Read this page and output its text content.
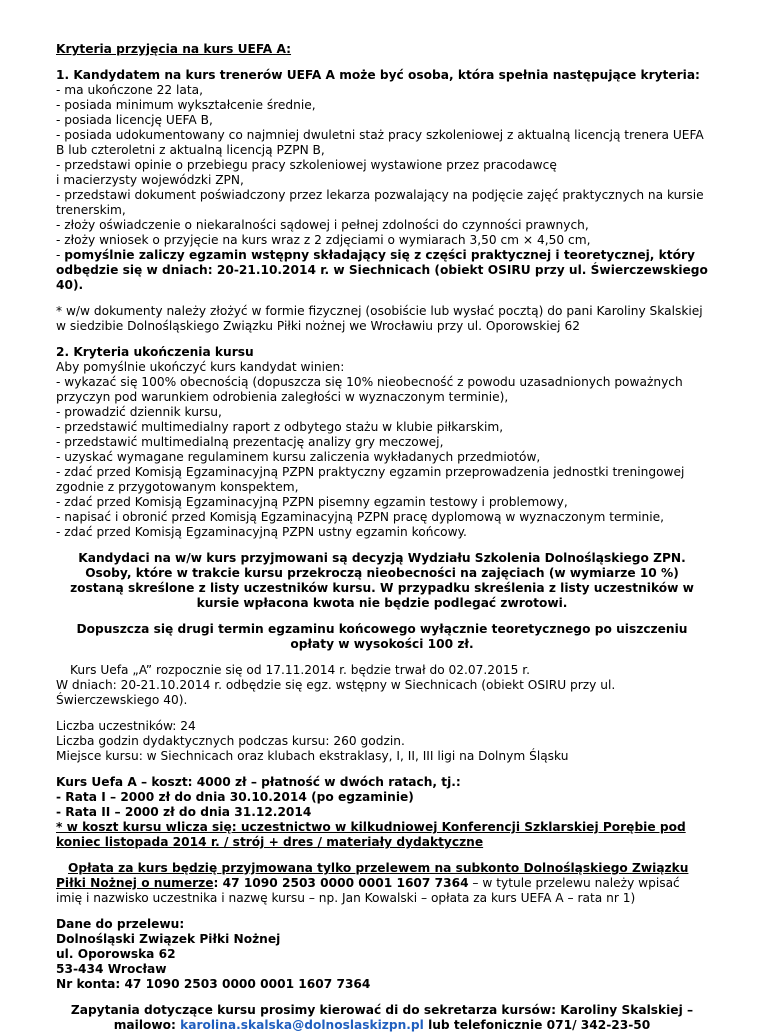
Kryteria przyjęcia na kurs UEFA A:

1. Kandydatem na kurs trenerów UEFA A może być osoba, która spełnia następujące kryteria:

- ma ukończone 22 lata,

- posiada minimum wykształcenie średnie,

- posiada licencję UEFA B,

- posiada udokumentowany co najmniej dwuletni staż pracy szkoleniowej z aktualną licencją trenera UEFA B lub czteroletni z aktualną licencją PZPN B,

- przedstawi opinie o przebiegu pracy szkoleniowej wystawione przez pracodawcę

i macierzysty wojewódzki ZPN,

- przedstawi dokument poświadczony przez lekarza pozwalający na podjęcie zajęć praktycznych na kursie trenerskim,

- złoży oświadczenie o niekaralności sądowej i pełnej zdolności do czynności prawnych,

- złoży wniosek o przyjęcie na kurs wraz z 2 zdjęciami o wymiarach 3,50 cm × 4,50 cm,

- pomyślnie zaliczy egzamin wstępny składający się z części praktycznej i teoretycznej, który odbędzie się w dniach: 20-21.10.2014 r. w Siechnicach (obiekt OSIRU przy ul. Świerczewskiego 40).

* w/w dokumenty należy złożyć w formie fizycznej (osobiście lub wysłać pocztą) do pani Karoliny Skalskiej w siedzibie Dolnośląskiego Związku Piłki nożnej we Wrocławiu przy ul. Oporowskiej 62

2. Kryteria ukończenia kursu

Aby pomyślnie ukończyć kurs kandydat winien:

- wykazać się 100% obecnością (dopuszcza się 10% nieobecność z powodu uzasadnionych poważnych przyczyn pod warunkiem odrobienia zaległości w wyznaczonym terminie),

- prowadzić dziennik kursu,

- przedstawić multimedialny raport z odbytego stażu w klubie piłkarskim,

- przedstawić multimedialną prezentację analizy gry meczowej,

- uzyskać wymagane regulaminem kursu zaliczenia wykładanych przedmiotów,

- zdać przed Komisją Egzaminacyjną PZPN praktyczny egzamin przeprowadzenia jednostki treningowej zgodnie z przygotowanym konspektem,

- zdać przed Komisją Egzaminacyjną PZPN pisemny egzamin testowy i problemowy,

- napisać i obronić przed Komisją Egzaminacyjną PZPN pracę dyplomową w wyznaczonym terminie,

- zdać przed Komisją Egzaminacyjną PZPN ustny egzamin końcowy.

Kandydaci na w/w kurs przyjmowani są decyzją Wydziału Szkolenia Dolnośląskiego ZPN. Osoby, które w trakcie kursu przekroczą nieobecności na zajęciach (w wymiarze 10 %) zostaną skreślone z listy uczestników kursu. W przypadku skreślenia z listy uczestników w kursie wpłacona kwota nie będzie podlegać zwrotowi.

Dopuszcza się drugi termin egzaminu końcowego wyłącznie teoretycznego po uiszczeniu opłaty w wysokości 100 zł.

Kurs Uefa „A” rozpocznie się od 17.11.2014 r. będzie trwał do 02.07.2015 r.

W dniach: 20-21.10.2014 r. odbędzie się egz. wstępny w Siechnicach (obiekt OSIRU przy ul. Świerczewskiego 40).

Liczba uczestników: 24

Liczba godzin dydaktycznych podczas kursu: 260 godzin.

Miejsce kursu: w Siechnicach oraz klubach ekstraklasy, I, II, III ligi na Dolnym Śląsku

Kurs Uefa A – koszt: 4000 zł – płatność w dwóch ratach, tj.:

- Rata I – 2000 zł do dnia 30.10.2014 (po egzaminie)

- Rata II – 2000 zł do dnia 31.12.2014

* w koszt kursu wlicza się: uczestnictwo w kilkudniowej Konferencji Szklarskiej Porębie pod koniec listopada 2014 r. / strój + dres / materiały dydaktyczne

Opłata za kurs będzię przyjmowana tylko przelewem na subkonto Dolnośląskiego Związku Piłki Nożnej o numerze: 47 1090 2503 0000 0001 1607 7364 – w tytule przelewu należy wpisać imię i nazwisko uczestnika i nazwę kursu – np. Jan Kowalski – opłata za kurs UEFA A – rata nr 1)

Dane do przelewu:

Dolnośląski Związek Piłki Nożnej

ul. Oporowska 62

53-434 Wrocław

Nr konta: 47 1090 2503 0000 0001 1607 7364

Zapytania dotyczące kursu prosimy kierować di do sekretarza kursów: Karoliny Skalskiej –

mailowo: karolina.skalska@dolnoslaskizpn.pl lub telefonicznie 071/ 342-23-50
